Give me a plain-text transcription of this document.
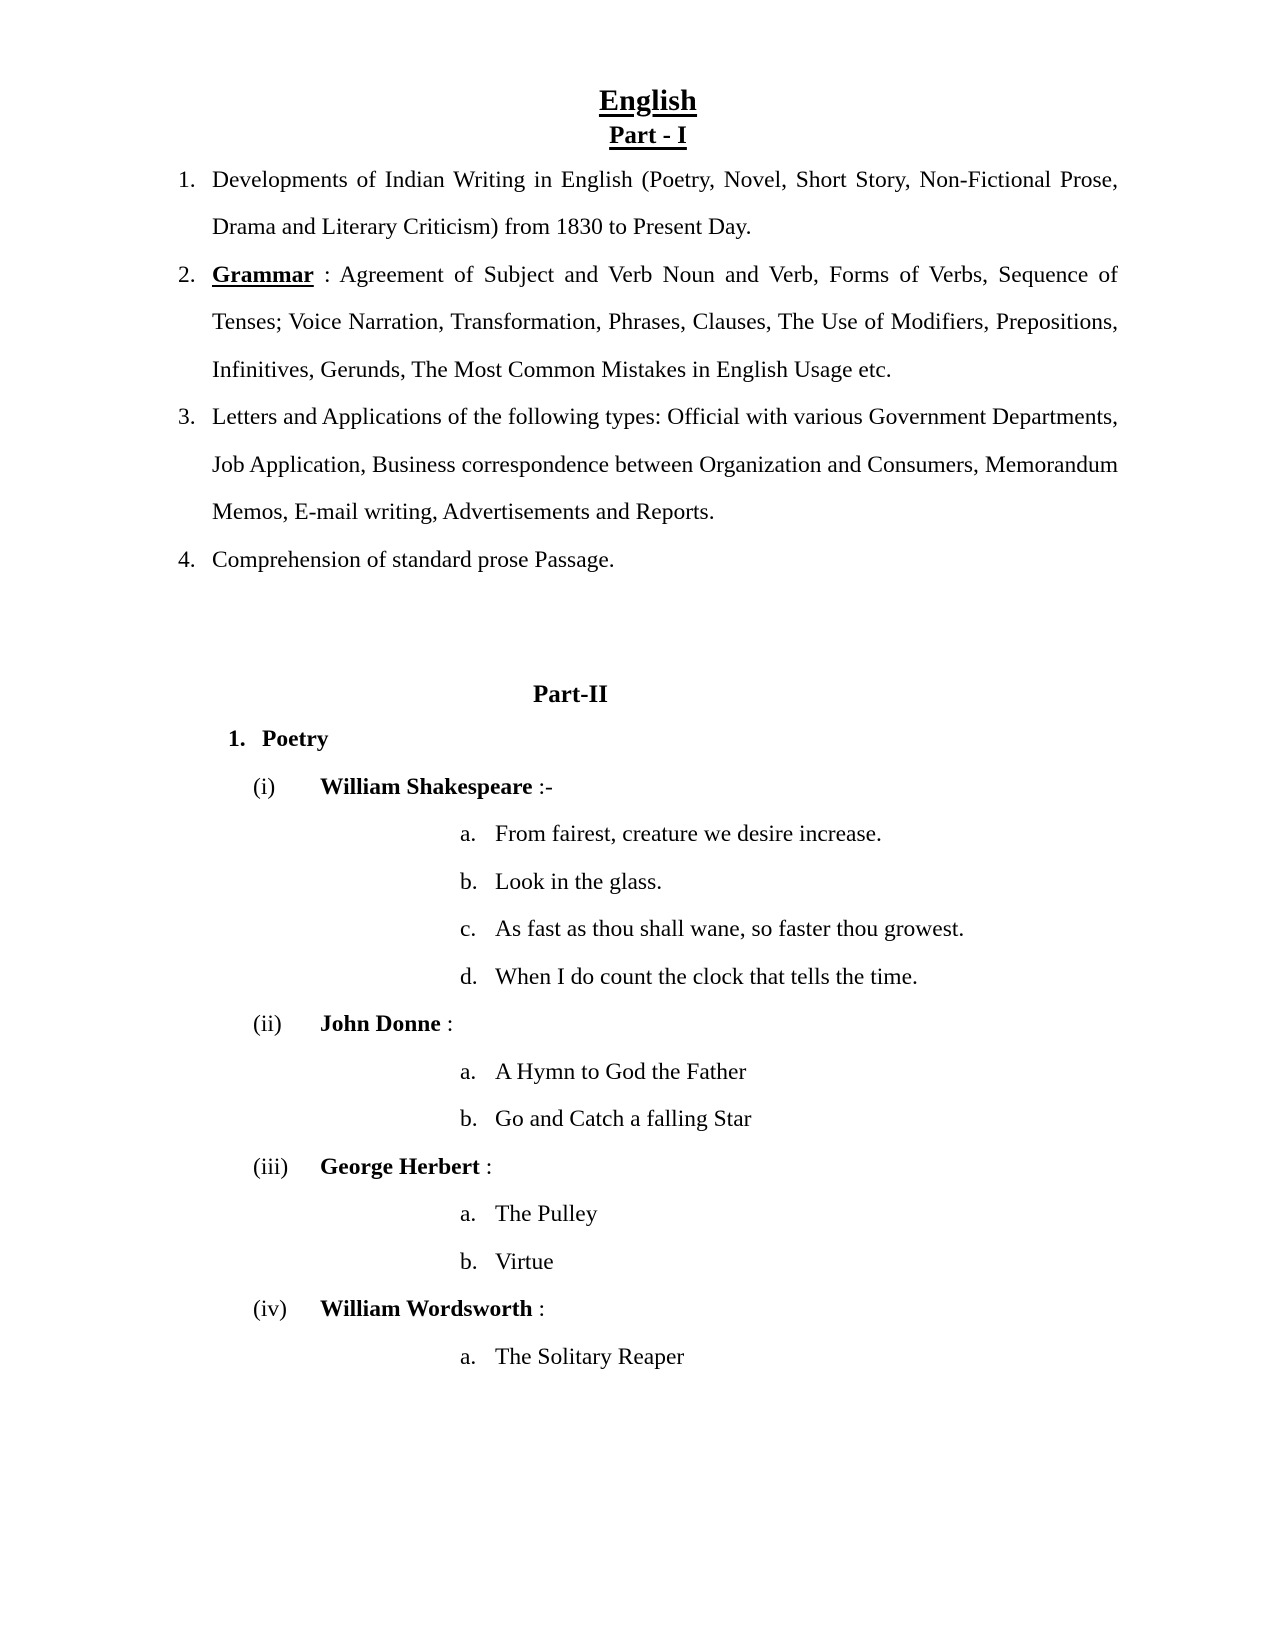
English
Part - I
1. Developments of Indian Writing in English (Poetry, Novel, Short Story, Non-Fictional Prose, Drama and Literary Criticism) from 1830 to Present Day.
2. Grammar : Agreement of Subject and Verb Noun and Verb, Forms of Verbs, Sequence of Tenses; Voice Narration, Transformation, Phrases, Clauses, The Use of Modifiers, Prepositions, Infinitives, Gerunds, The Most Common Mistakes in English Usage etc.
3. Letters and Applications of the following types: Official with various Government Departments, Job Application, Business correspondence between Organization and Consumers, Memorandum Memos, E-mail writing, Advertisements and Reports.
4. Comprehension of standard prose Passage.
Part-II
1. Poetry
(i) William Shakespeare :-
a. From fairest, creature we desire increase.
b. Look in the glass.
c. As fast as thou shall wane, so faster thou growest.
d. When I do count the clock that tells the time.
(ii) John Donne :
a. A Hymn to God the Father
b. Go and Catch a falling Star
(iii) George Herbert :
a. The Pulley
b. Virtue
(iv) William Wordsworth :
a. The Solitary Reaper
